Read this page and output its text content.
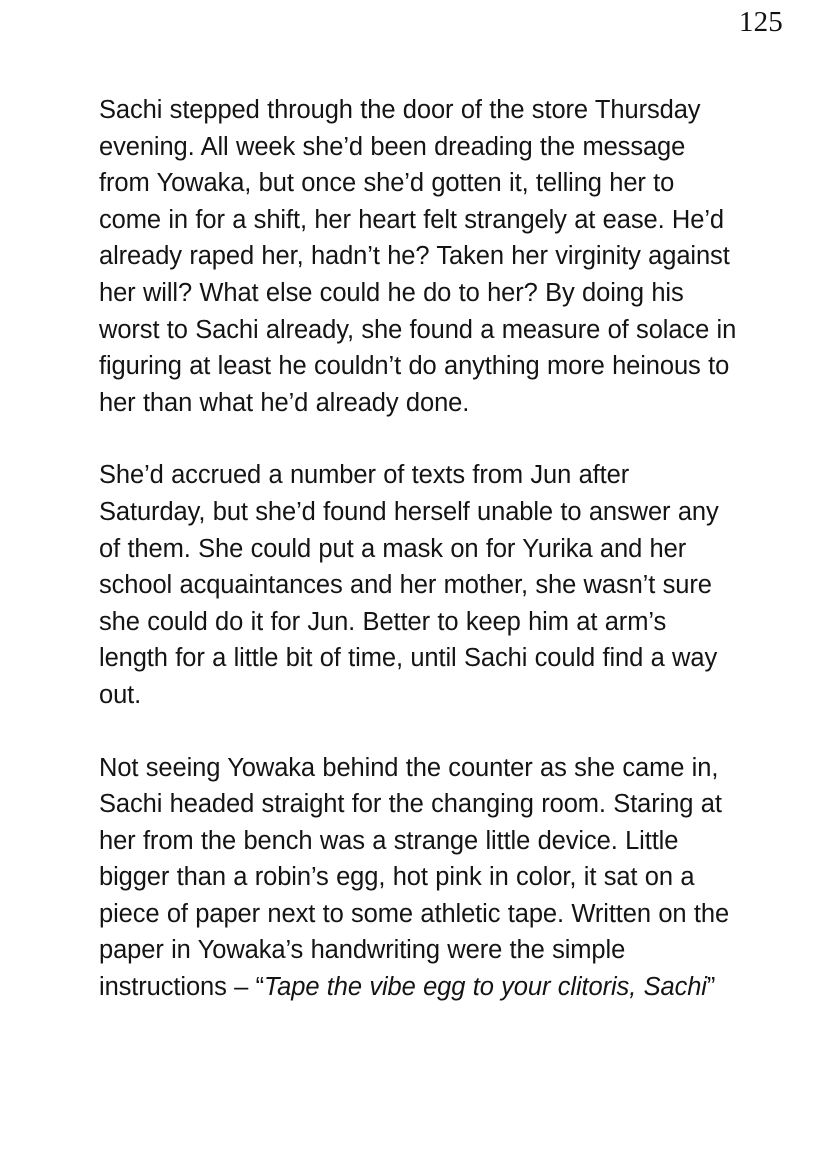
125

Sachi stepped through the door of the store Thursday evening. All week she’d been dreading the message from Yowaka, but once she’d gotten it, telling her to come in for a shift, her heart felt strangely at ease. He’d already raped her, hadn’t he? Taken her virginity against her will? What else could he do to her? By doing his worst to Sachi already, she found a measure of solace in figuring at least he couldn’t do anything more heinous to her than what he’d already done.

She’d accrued a number of texts from Jun after Saturday, but she’d found herself unable to answer any of them. She could put a mask on for Yurika and her school acquaintances and her mother, she wasn’t sure she could do it for Jun. Better to keep him at arm’s length for a little bit of time, until Sachi could find a way out.

Not seeing Yowaka behind the counter as she came in, Sachi headed straight for the changing room. Staring at her from the bench was a strange little device. Little bigger than a robin’s egg, hot pink in color, it sat on a piece of paper next to some athletic tape. Written on the paper in Yowaka’s handwriting were the simple instructions – “Tape the vibe egg to your clitoris, Sachi”
